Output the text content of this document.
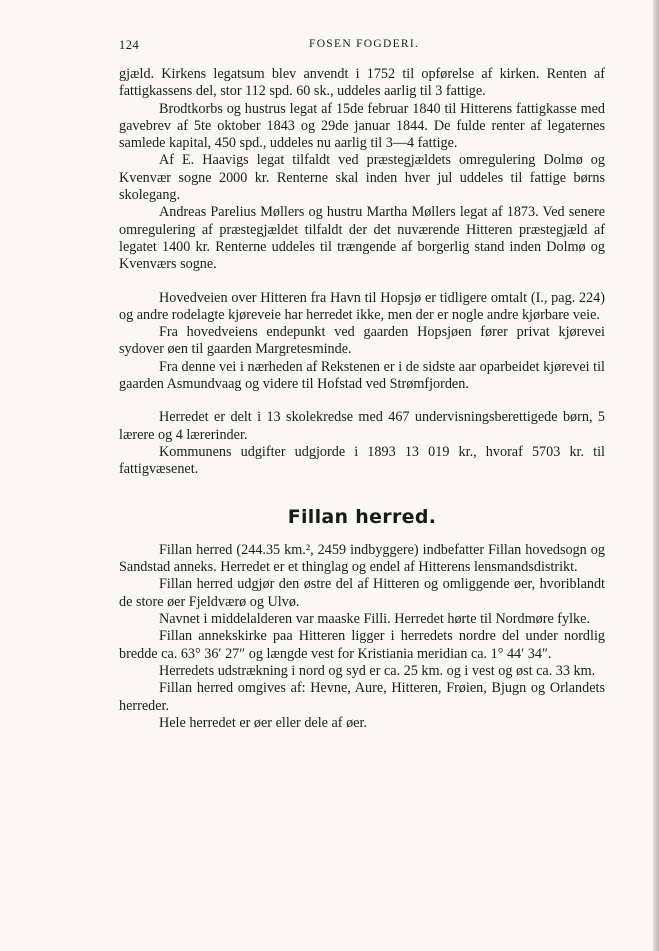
124	FOSEN FOGDERI.

gjæld. Kirkens legatsum blev anvendt i 1752 til opførelse af kirken. Renten af fattigkassens del, stor 112 spd. 60 sk., uddeles aarlig til 3 fattige.

Brodtkorbs og hustrus legat af 15de februar 1840 til Hitterens fattigkasse med gavebrev af 5te oktober 1843 og 29de januar 1844. De fulde renter af legaternes samlede kapital, 450 spd., uddeles nu aarlig til 3—4 fattige.

Af E. Haavigs legat tilfaldt ved præstegjældets omregulering Dolmø og Kvenvær sogne 2000 kr. Renterne skal inden hver jul uddeles til fattige børns skolegang.

Andreas Parelius Møllers og hustru Martha Møllers legat af 1873. Ved senere omregulering af præstegjældet tilfaldt der det nuværende Hitteren præstegjæld af legatet 1400 kr. Renterne uddeles til trængende af borgerlig stand inden Dolmø og Kvenværs sogne.

Hovedveien over Hitteren fra Havn til Hopsjø er tidligere omtalt (I., pag. 224) og andre rodelagte kjøreveie har herredet ikke, men der er nogle andre kjørbare veie.

Fra hovedveiens endepunkt ved gaarden Hopsjøen fører privat kjørevei sydover øen til gaarden Margretesminde.

Fra denne vei i nærheden af Rekstenen er i de sidste aar oparbeidet kjørevei til gaarden Asmundvaag og videre til Hofstad ved Strømfjorden.

Herredet er delt i 13 skolekredse med 467 undervisningsberettigede børn, 5 lærere og 4 lærerinder.

Kommunens udgifter udgjorde i 1893 13 019 kr., hvoraf 5703 kr. til fattigvæsenet.

Fillan herred.

Fillan herred (244.35 km.², 2459 indbyggere) indbefatter Fillan hovedsogn og Sandstad anneks. Herredet er et thinglag og endel af Hitterens lensmandsdistrikt.

Fillan herred udgjør den østre del af Hitteren og omliggende øer, hvoriblandt de store øer Fjeldværø og Ulvø.

Navnet i middelalderen var maaske Filli. Herredet hørte til Nordmøre fylke.

Fillan annekskirke paa Hitteren ligger i herredets nordre del under nordlig bredde ca. 63° 36′ 27″ og længde vest for Kristiania meridian ca. 1° 44′ 34″.

Herredets udstrækning i nord og syd er ca. 25 km. og i vest og øst ca. 33 km.

Fillan herred omgives af: Hevne, Aure, Hitteren, Frøien, Bjugn og Orlandets herreder.

Hele herredet er øer eller dele af øer.
